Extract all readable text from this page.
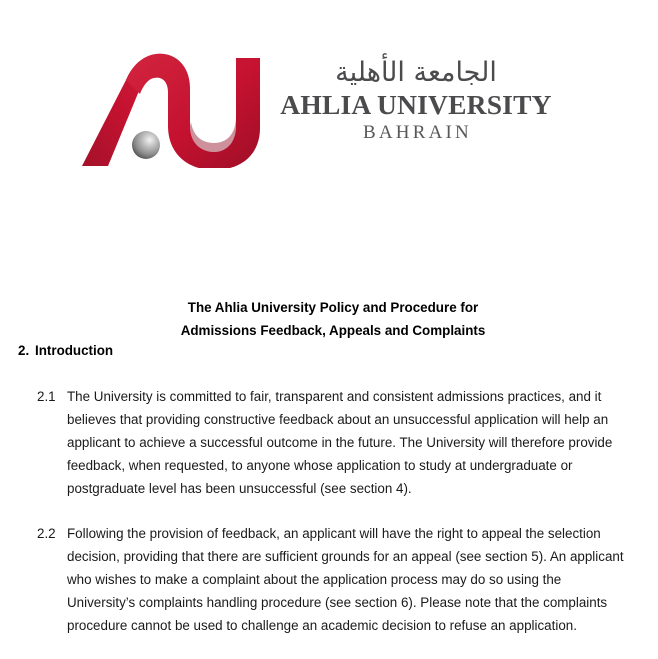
الجامعة الأهلية
AHLIA UNIVERSITY
BAHRAIN
The Ahlia University Policy and Procedure for
Admissions Feedback, Appeals and Complaints
2. Introduction
2.1 The University is committed to fair, transparent and consistent admissions practices, and it believes that providing constructive feedback about an unsuccessful application will help an applicant to achieve a successful outcome in the future. The University will therefore provide feedback, when requested, to anyone whose application to study at undergraduate or postgraduate level has been unsuccessful (see section 4).
2.2 Following the provision of feedback, an applicant will have the right to appeal the selection decision, providing that there are sufficient grounds for an appeal (see section 5). An applicant who wishes to make a complaint about the application process may do so using the University’s complaints handling procedure (see section 6). Please note that the complaints procedure cannot be used to challenge an academic decision to refuse an application.
